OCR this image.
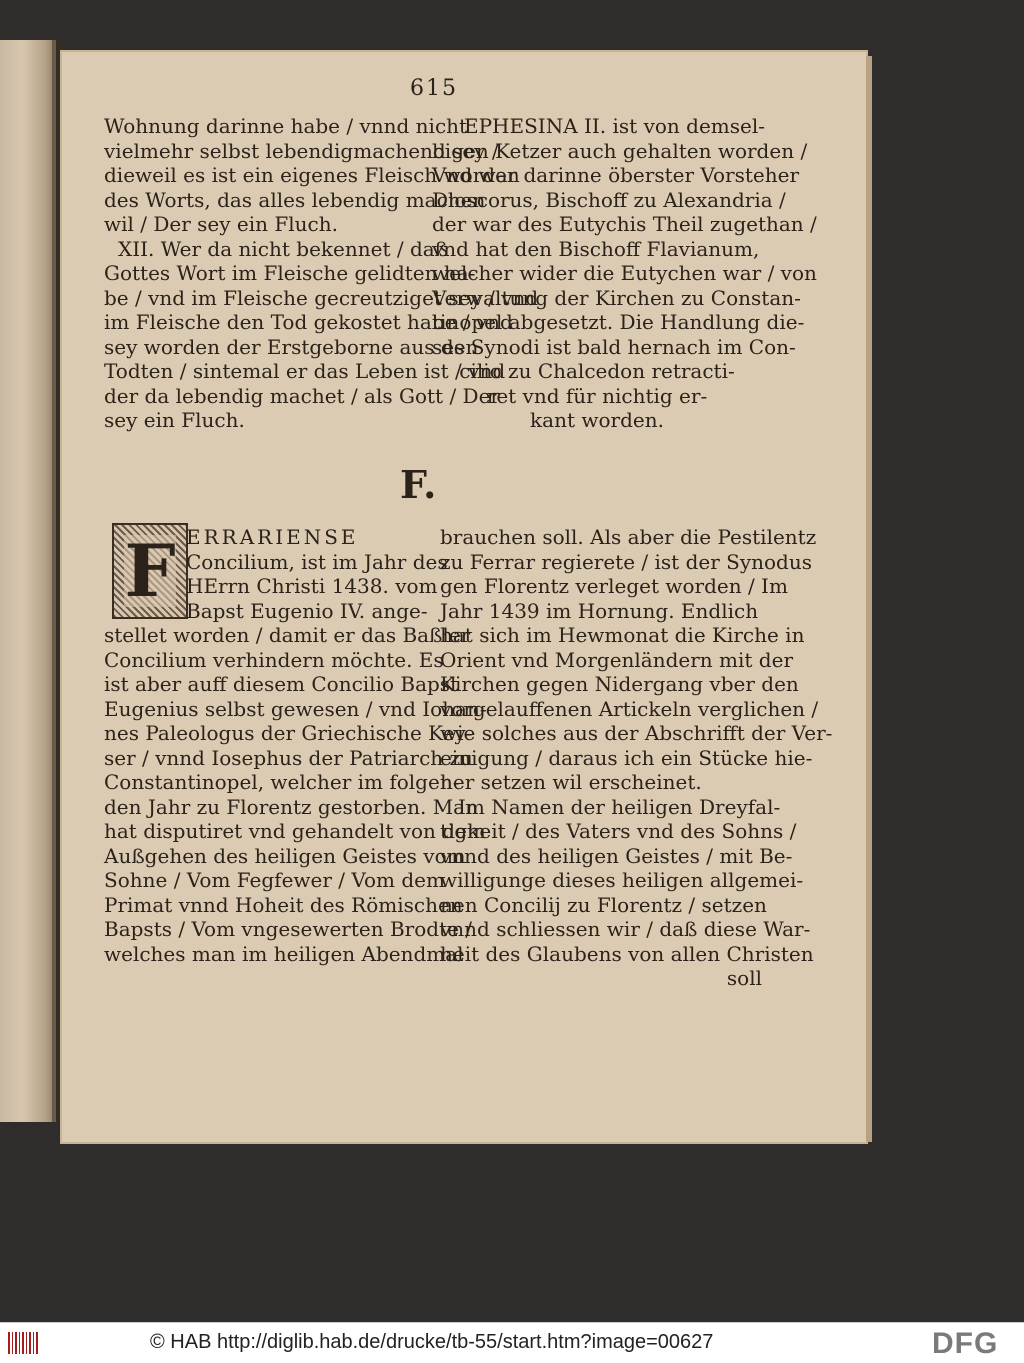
615
Wohnung darinne habe / vnnd nicht
vielmehr selbst lebendigmachend sey /
dieweil es ist ein eigenes Fleisch worden
des Worts, das alles lebendig machen
wil / Der sey ein Fluch.
XII. Wer da nicht bekennet / daß
Gottes Wort im Fleische gelidten ha-
be / vnd im Fleische gecreutziget sey / vnd
im Fleische den Tod gekostet habe / vnd
sey worden der Erstgeborne aus den
Todten / sintemal er das Leben ist / vnd
der da lebendig machet / als Gott / Der
sey ein Fluch.
EPHESINA II. ist von demsel-
bigen Ketzer auch gehalten worden /
Vnd war darinne öberster Vorsteher
Dioscorus, Bischoff zu Alexandria /
der war des Eutychis Theil zugethan /
vnd hat den Bischoff Flavianum,
welcher wider die Eutychen war / von
Verwaltung der Kirchen zu Constan-
tinopel abgesetzt. Die Handlung die-
ses Synodi ist bald hernach im Con-
cilio zu Chalcedon retracti-
ret vnd für nichtig er-
kant worden.
F.
F ERRARIENSE
Concilium, ist im Jahr des
HErrn Christi 1438. vom
Bapst Eugenio IV. ange-
stellet worden / damit er das Baßler
Concilium verhindern möchte. Es
ist aber auff diesem Concilio Bapst
Eugenius selbst gewesen / vnd Iohan-
nes Paleologus der Griechische Key-
ser / vnnd Iosephus der Patriarch zu
Constantinopel, welcher im folgen-
den Jahr zu Florentz gestorben. Man
hat disputiret vnd gehandelt von dem
Außgehen des heiligen Geistes vom
Sohne / Vom Fegfewer / Vom dem
Primat vnnd Hoheit des Römischen
Bapsts / Vom vngesewerten Brodte /
welches man im heiligen Abendmal
brauchen soll. Als aber die Pestilentz
zu Ferrar regierete / ist der Synodus
gen Florentz verleget worden / Im
Jahr 1439 im Hornung. Endlich
hat sich im Hewmonat die Kirche in
Orient vnd Morgenländern mit der
Kirchen gegen Nidergang vber den
vorgelauffenen Artickeln verglichen /
wie solches aus der Abschrifft der Ver-
einigung / daraus ich ein Stücke hie-
her setzen wil erscheinet.
Im Namen der heiligen Dreyfal-
tigkeit / des Vaters vnd des Sohns /
vnnd des heiligen Geistes / mit Be-
willigunge dieses heiligen allgemei-
nen Concilij zu Florentz / setzen
vnnd schliessen wir / daß diese War-
heit des Glaubens von allen Christen
soll
© HAB http://diglib.hab.de/drucke/tb-55/start.htm?image=00627	DFG
